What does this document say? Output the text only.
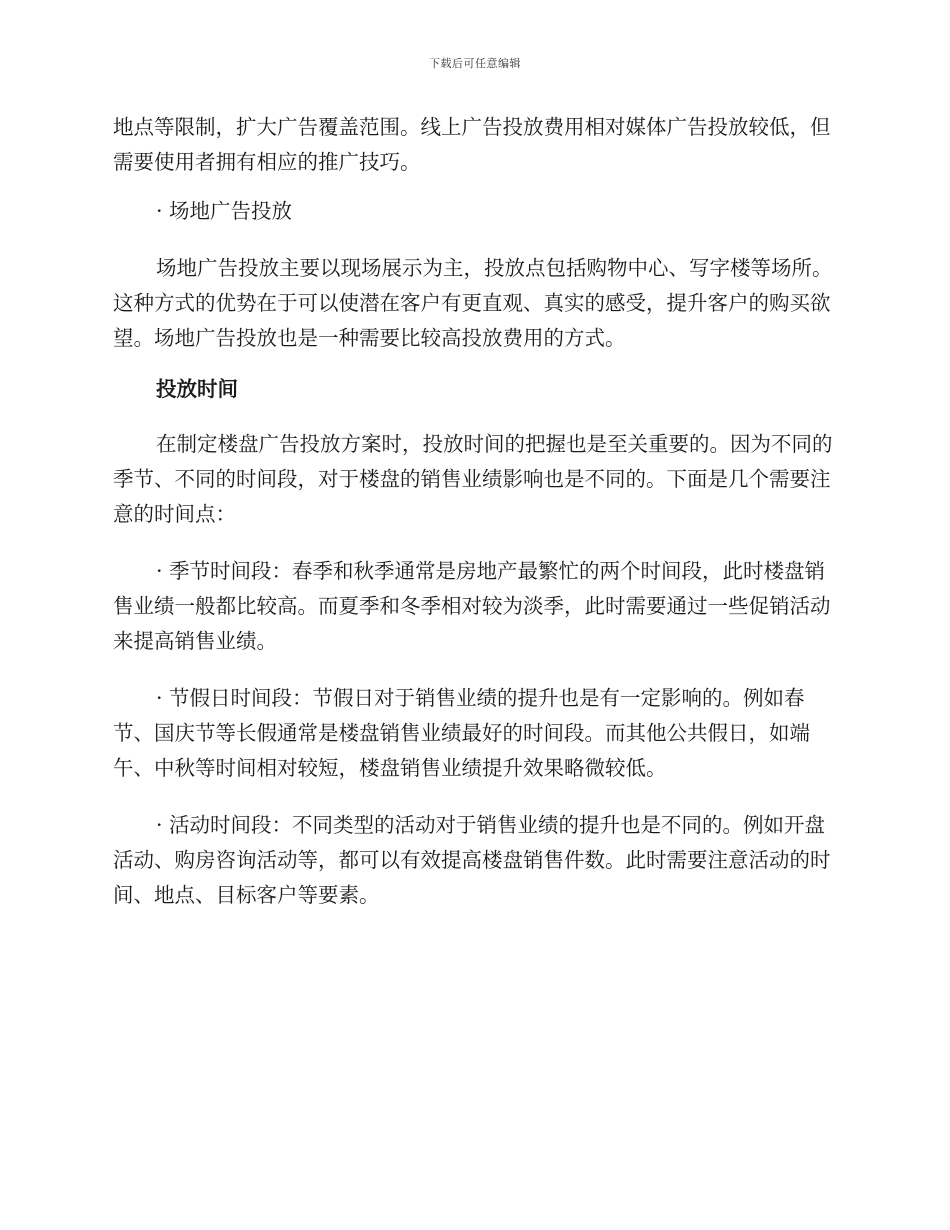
下载后可任意编辑

地点等限制，扩大广告覆盖范围。线上广告投放费用相对媒体广告投放较低，但需要使用者拥有相应的推广技巧。

· 场地广告投放

场地广告投放主要以现场展示为主，投放点包括购物中心、写字楼等场所。这种方式的优势在于可以使潜在客户有更直观、真实的感受，提升客户的购买欲望。场地广告投放也是一种需要比较高投放费用的方式。

投放时间

在制定楼盘广告投放方案时，投放时间的把握也是至关重要的。因为不同的季节、不同的时间段，对于楼盘的销售业绩影响也是不同的。下面是几个需要注意的时间点：

· 季节时间段：春季和秋季通常是房地产最繁忙的两个时间段，此时楼盘销售业绩一般都比较高。而夏季和冬季相对较为淡季，此时需要通过一些促销活动来提高销售业绩。

· 节假日时间段：节假日对于销售业绩的提升也是有一定影响的。例如春节、国庆节等长假通常是楼盘销售业绩最好的时间段。而其他公共假日，如端午、中秋等时间相对较短，楼盘销售业绩提升效果略微较低。

· 活动时间段：不同类型的活动对于销售业绩的提升也是不同的。例如开盘活动、购房咨询活动等，都可以有效提高楼盘销售件数。此时需要注意活动的时间、地点、目标客户等要素。
